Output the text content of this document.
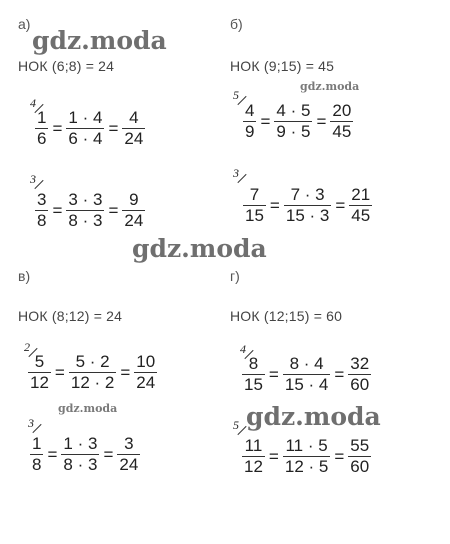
а)
НОК (6;8) = 24
4
$\frac{1}{6} = \frac{1 \cdot 4}{6 \cdot 4} = \frac{4}{24}$
3
$\frac{3}{8} = \frac{3 \cdot 3}{8 \cdot 3} = \frac{9}{24}$
б)
НОК (9;15) = 45
5
$\frac{4}{9} = \frac{4 \cdot 5}{9 \cdot 5} = \frac{20}{45}$
3
$\frac{7}{15} = \frac{7 \cdot 3}{15 \cdot 3} = \frac{21}{45}$
в)
НОК (8;12) = 24
2
$\frac{5}{12} = \frac{5 \cdot 2}{12 \cdot 2} = \frac{10}{24}$
3
$\frac{1}{8} = \frac{1 \cdot 3}{8 \cdot 3} = \frac{3}{24}$
г)
НОК (12;15) = 60
4
$\frac{8}{15} = \frac{8 \cdot 4}{15 \cdot 4} = \frac{32}{60}$
5
$\frac{11}{12} = \frac{11 \cdot 5}{12 \cdot 5} = \frac{55}{60}$
gdz.moda
gdz.moda
gdz.moda
gdz.moda	gdz.moda
